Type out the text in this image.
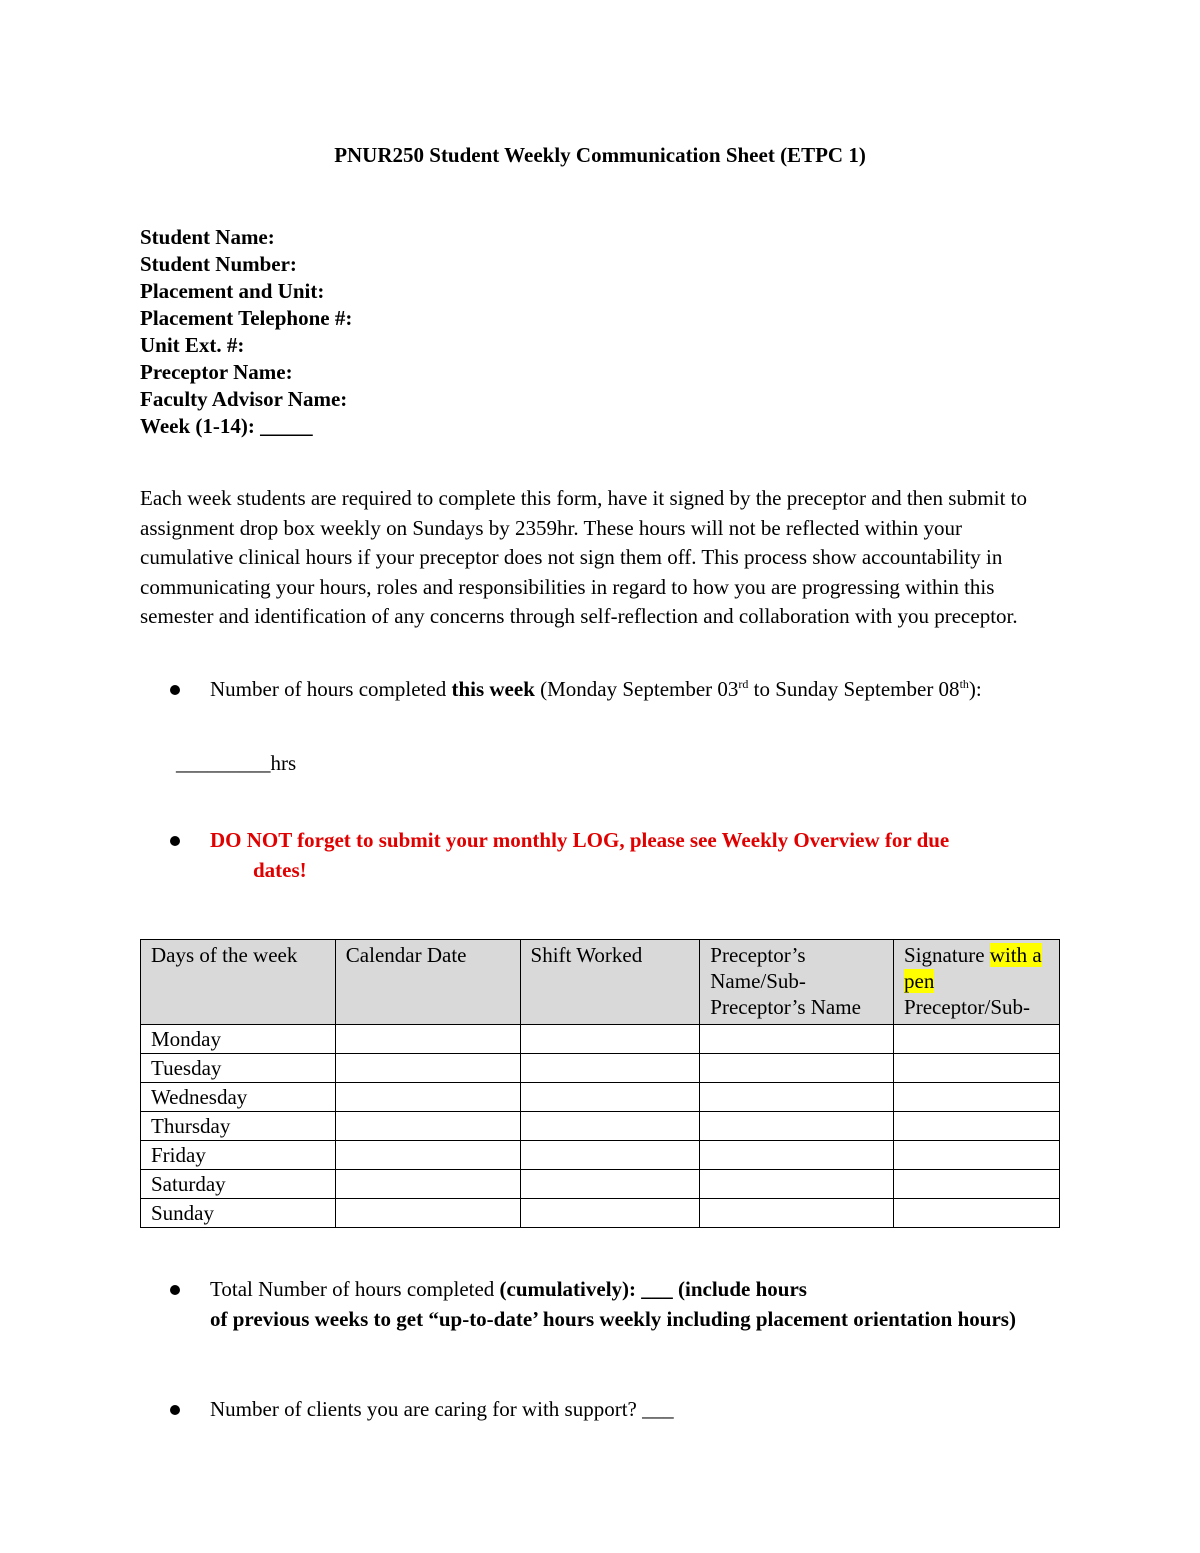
PNUR250 Student Weekly Communication Sheet (ETPC 1)
Student Name:
Student Number:
Placement and Unit:
Placement Telephone #:
Unit Ext. #:
Preceptor Name:
Faculty Advisor Name:
Week (1-14): _____
Each week students are required to complete this form, have it signed by the preceptor and then submit to assignment drop box weekly on Sundays by 2359hr. These hours will not be reflected within your cumulative clinical hours if your preceptor does not sign them off. This process show accountability in communicating your hours, roles and responsibilities in regard to how you are progressing within this semester and identification of any concerns through self-reflection and collaboration with you preceptor.
Number of hours completed this week (Monday September 03rd to Sunday September 08th):
_________hrs
DO NOT forget to submit your monthly LOG, please see Weekly Overview for due
dates!
Days of the week	Calendar Date	Shift Worked	Preceptor’s Name/Sub-Preceptor’s Name	Signature with a pen Preceptor/Sub-
Monday				
Tuesday				
Wednesday				
Thursday				
Friday				
Saturday				
Sunday				
Total Number of hours completed (cumulatively): ___ (include hours
of previous weeks to get “up-to-date’ hours weekly including placement orientation hours)
Number of clients you are caring for with support? ___
